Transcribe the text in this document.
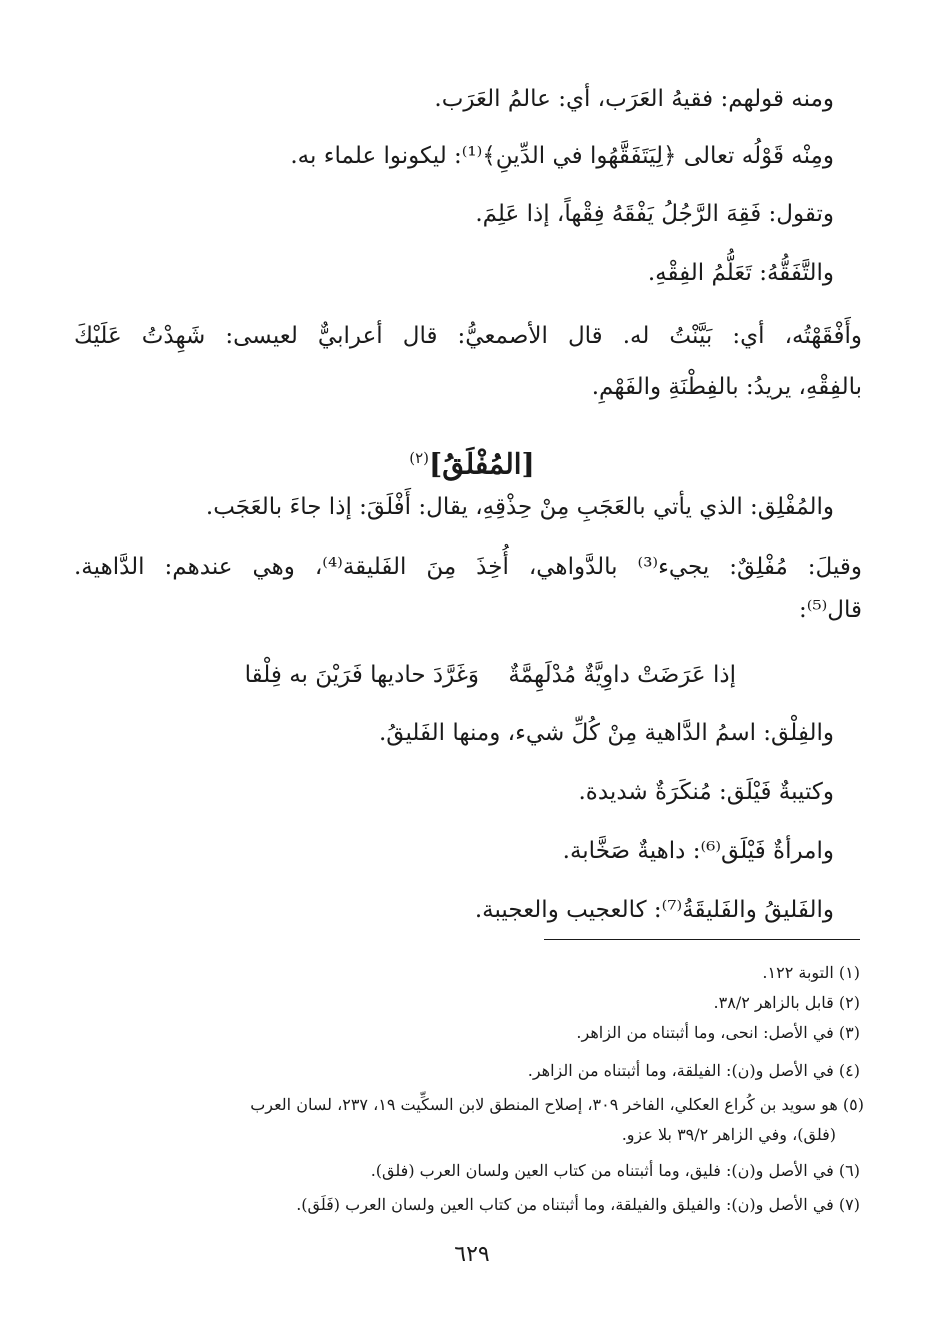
ومنه قولهم: فقيهُ العَرَب، أي: عالمُ العَرَب.
ومِنْه قَوْلُه تعالى ﴿لِيَتَفَقَّهُوا في الدِّينِ﴾⁽¹⁾: ليكونوا علماء به.
وتقول: فَقِهَ الرَّجُلُ يَفْقَهُ فِقْهاً، إذا عَلِمَ.
والتَّفَقُّهُ: تَعَلُّمُ الفِقْهِ.
وأَفْقَهْتُه، أي: بَيَّنْتُ له. قال الأصمعيُّ: قال أعرابيٌّ لعيسى: شَهِدْتُ عَلَيْكَ
بالفِقْهِ، يريدُ: بالفِطْنَةِ والفَهْمِ.
[المُفْلَقُ]$^{(٢)}$
والمُفْلِق: الذي يأتي بالعَجَبِ مِنْ حِذْقِهِ، يقال: أَفْلَقَ: إذا جاءَ بالعَجَب.
وقيلَ: مُفْلِقٌ: يجيء⁽³⁾ بالدَّواهي، أُخِذَ مِنَ الفَليقة⁽⁴⁾، وهي عندهم: الدَّاهية.
قال⁽⁵⁾:
إذا عَرَضَتْ داوِيَّةٌ مُدْلَهِمَّةٌ
وَغَرَّدَ حاديها فَرَيْنَ به فِلْقا
والفِلْق: اسمُ الدَّاهية مِنْ كُلِّ شيء، ومنها الفَليقُ.
وكتيبةٌ فَيْلَق: مُنكَرَةٌ شديدة.
وامرأةٌ فَيْلَق⁽⁶⁾: داهيةٌ صَخَّابة.
والفَليقُ والفَليقَةُ⁽⁷⁾: كالعجيب والعجيبة.
(١) التوبة ١٢٢.
(٢) قابل بالزاهر ٣٨/٢.
(٣) في الأصل: انحى، وما أثبتناه من الزاهر.
(٤) في الأصل و(ن): الفيلقة، وما أثبتناه من الزاهر.
(٥) هو سويد بن كُراع العكلي، الفاخر ٣٠٩، إصلاح المنطق لابن السكِّيت ١٩، ٢٣٧، لسان العرب
(فلق)، وفي الزاهر ٣٩/٢ بلا عزو.
(٦) في الأصل و(ن): فليق، وما أثبتناه من كتاب العين ولسان العرب (فلق).
(٧) في الأصل و(ن): والفيلق والفيلقة، وما أثبتناه من كتاب العين ولسان العرب (فَلَق).
٦٢٩
